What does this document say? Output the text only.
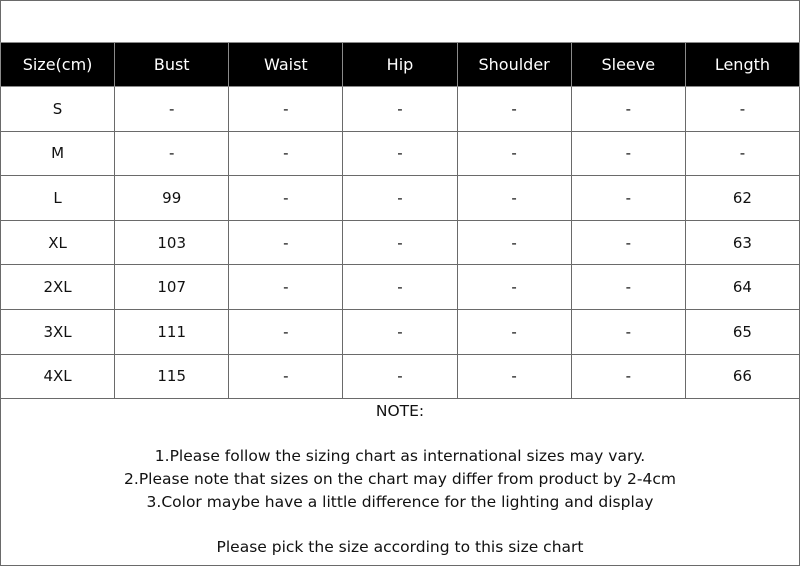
Size(cm)	Bust	Waist	Hip	Shoulder	Sleeve	Length
S	-	-	-	-	-	-
M	-	-	-	-	-	-
L	99	-	-	-	-	62
XL	103	-	-	-	-	63
2XL	107	-	-	-	-	64
3XL	111	-	-	-	-	65
4XL	115	-	-	-	-	66
NOTE:
1.Please follow the sizing chart as international sizes may vary.
2.Please note that sizes on the chart may differ from product by 2-4cm
3.Color maybe have a little difference for the lighting and display
Please pick the size according to this size chart
